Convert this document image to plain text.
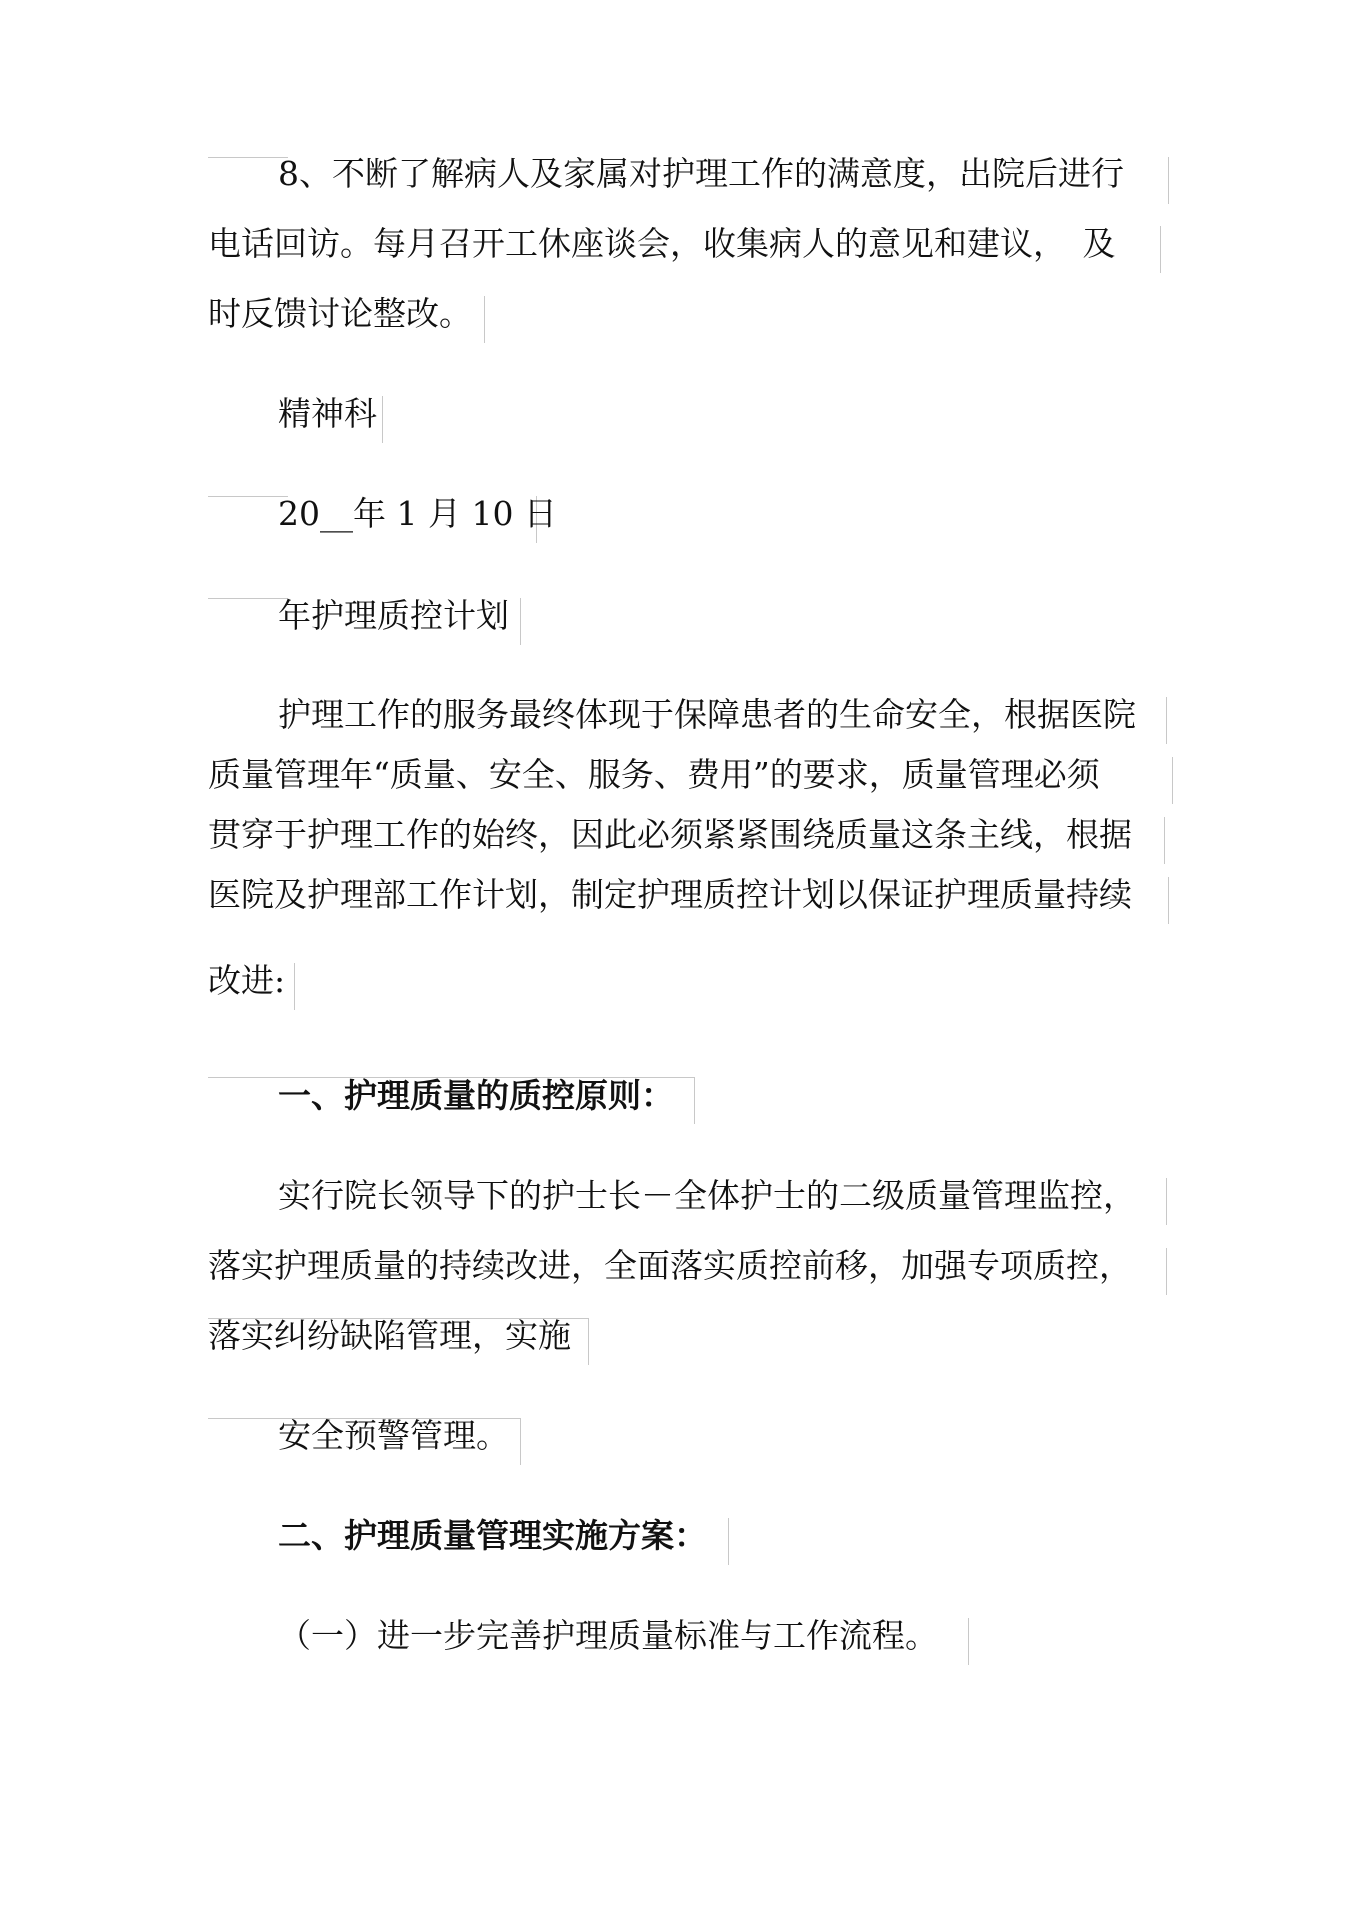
8、不断了解病人及家属对护理工作的满意度，出院后进行
电话回访。每月召开工休座谈会，收集病人的意见和建议，　及
时反馈讨论整改。
精神科
20__年 1 月 10 日
年护理质控计划
护理工作的服务最终体现于保障患者的生命安全，根据医院
质量管理年“质量、安全、服务、费用”的要求，质量管理必须
贯穿于护理工作的始终，因此必须紧紧围绕质量这条主线，根据
医院及护理部工作计划，制定护理质控计划以保证护理质量持续
改进:
一、护理质量的质控原则：
实行院长领导下的护士长－全体护士的二级质量管理监控，
落实护理质量的持续改进，全面落实质控前移，加强专项质控，
落实纠纷缺陷管理，实施
安全预警管理。
二、护理质量管理实施方案：
（一）进一步完善护理质量标准与工作流程。
